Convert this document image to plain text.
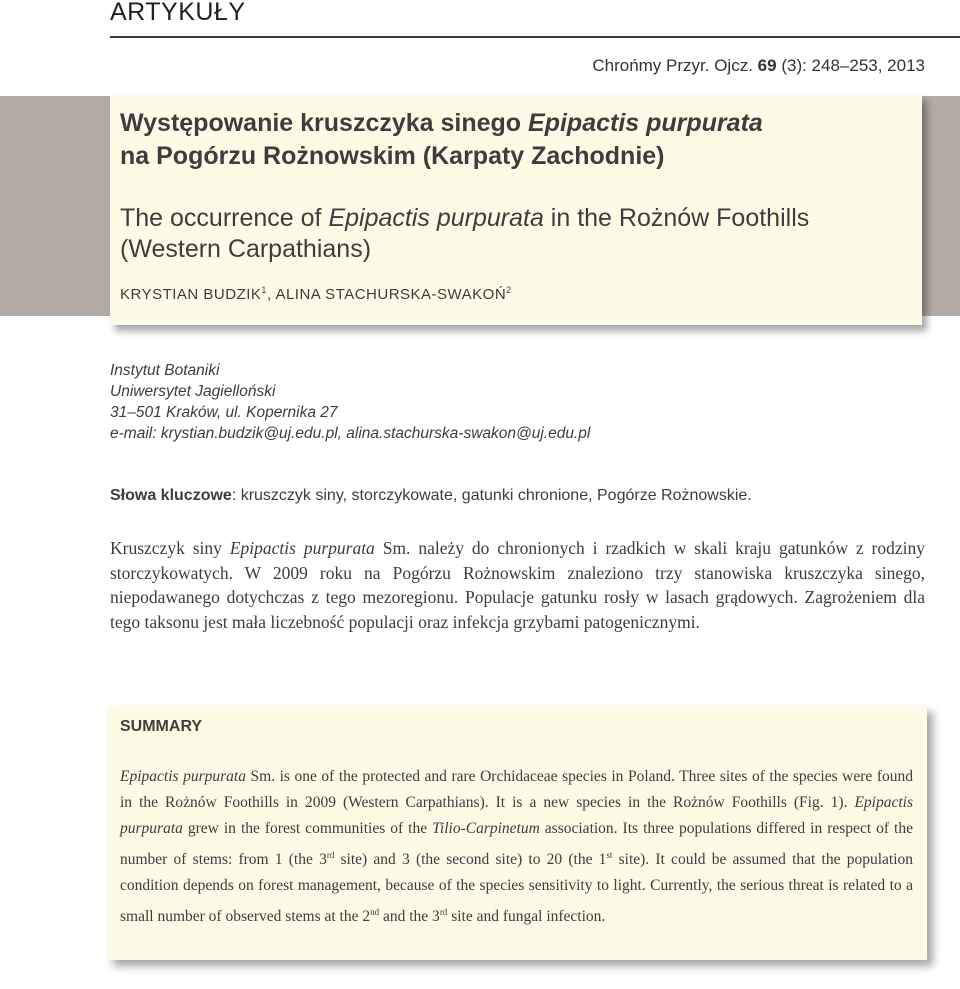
ARTYKUŁY
Chrońmy Przyr. Ojcz. 69 (3): 248–253, 2013
Występowanie kruszczyka sinego Epipactis purpurata
na Pogórzu Rożnowskim (Karpaty Zachodnie)
The occurrence of Epipactis purpurata in the Rożnów Foothills
(Western Carpathians)
KRYSTIAN BUDZIK$^1$, ALINA STACHURSKA-SWAKOŃ$^2$
Instytut Botaniki
Uniwersytet Jagielloński
31–501 Kraków, ul. Kopernika 27
e-mail: krystian.budzik@uj.edu.pl, alina.stachurska-swakon@uj.edu.pl
Słowa kluczowe: kruszczyk siny, storczykowate, gatunki chronione, Pogórze Rożnowskie.
Kruszczyk siny Epipactis purpurata Sm. należy do chronionych i rzadkich w skali kraju gatunków z rodziny storczykowatych. W 2009 roku na Pogórzu Rożnowskim znaleziono trzy stanowiska kruszczyka sinego, niepodawanego dotychczas z tego mezoregionu. Populacje gatunku rosły w lasach grądowych. Zagrożeniem dla tego taksonu jest mała liczebność populacji oraz infekcja grzybami patogenicznymi.
SUMMARY
Epipactis purpurata Sm. is one of the protected and rare Orchidaceae species in Poland. Three sites of the species were found in the Rożnów Foothills in 2009 (Western Carpathians). It is a new species in the Rożnów Foothills (Fig. 1). Epipactis purpurata grew in the forest communities of the Tilio-Carpinetum association. Its three populations differed in respect of the number of stems: from 1 (the 3rd site) and 3 (the second site) to 20 (the 1st site). It could be assumed that the population condition depends on forest management, because of the species sensitivity to light. Currently, the serious threat is related to a small number of observed stems at the 2nd and the 3rd site and fungal infection.
